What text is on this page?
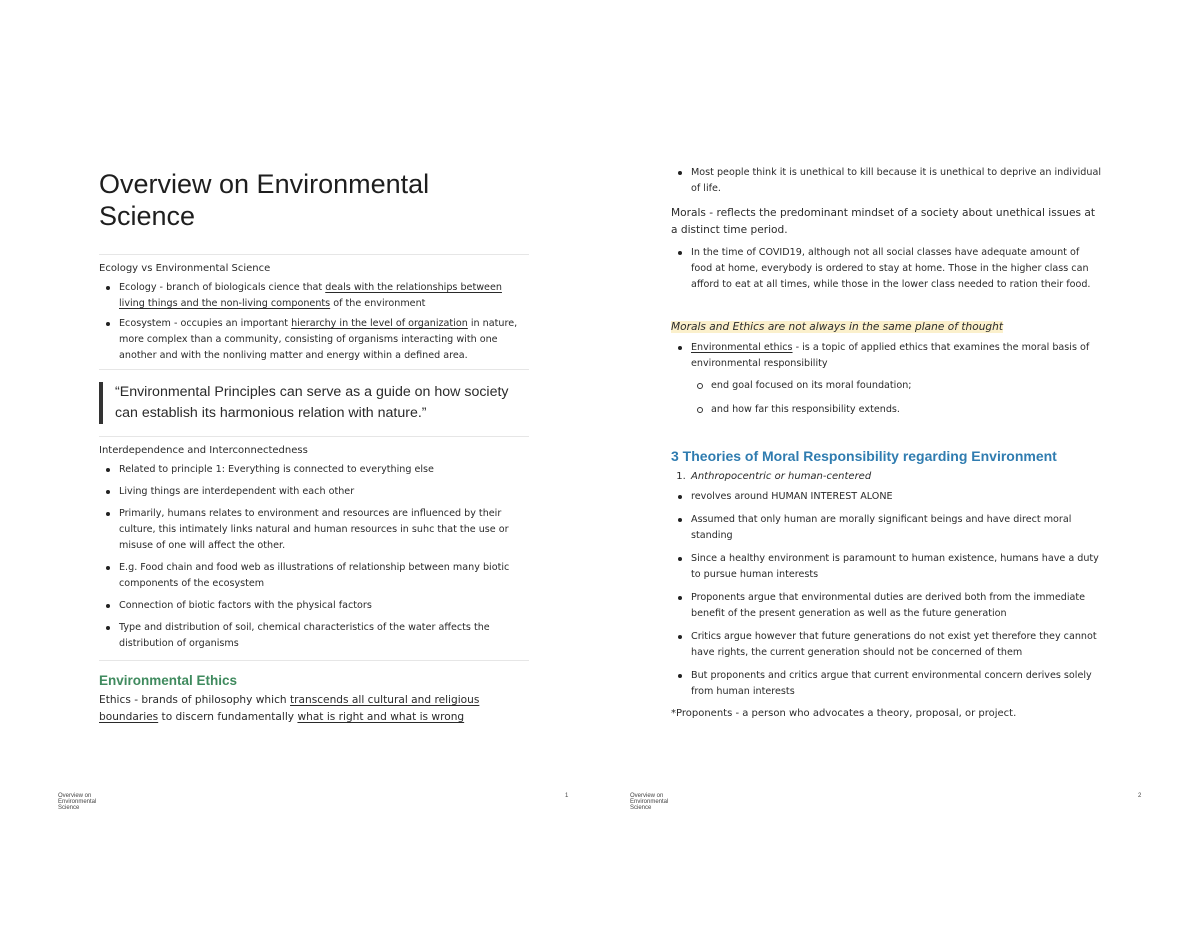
Overview on Environmental Science
Ecology vs Environmental Science
Ecology - branch of biologicals cience that deals with the relationships between living things and the non-living components of the environment
Ecosystem - occupies an important hierarchy in the level of organization in nature, more complex than a community, consisting of organisms interacting with one another and with the nonliving matter and energy within a defined area.
“Environmental Principles can serve as a guide on how society can establish its harmonious relation with nature.”
Interdependence and Interconnectedness
Related to principle 1: Everything is connected to everything else
Living things are interdependent with each other
Primarily, humans relates to environment and resources are influenced by their culture, this intimately links natural and human resources in suhc that the use or misuse of one will affect the other.
E.g. Food chain and food web as illustrations of relationship between many biotic components of the ecosystem
Connection of biotic factors with the physical factors
Type and distribution of soil, chemical characteristics of the water affects the distribution of organisms
Environmental Ethics
Ethics - brands of philosophy which transcends all cultural and religious boundaries to discern fundamentally what is right and what is wrong
Overview on Environmental Science
1
Most people think it is unethical to kill because it is unethical to deprive an individual of life.
Morals - reflects the predominant mindset of a society about unethical issues at a distinct time period.
In the time of COVID19, although not all social classes have adequate amount of food at home, everybody is ordered to stay at home. Those in the higher class can afford to eat at all times, while those in the lower class needed to ration their food.
Morals and Ethics are not always in the same plane of thought
Environmental ethics - is a topic of applied ethics that examines the moral basis of environmental responsibility
end goal focused on its moral foundation;
and how far this responsibility extends.
3 Theories of Moral Responsibility regarding Environment
1. Anthropocentric or human-centered
revolves around HUMAN INTEREST ALONE
Assumed that only human are morally significant beings and have direct moral standing
Since a healthy environment is paramount to human existence, humans have a duty to pursue human interests
Proponents argue that environmental duties are derived both from the immediate benefit of the present generation as well as the future generation
Critics argue however that future generations do not exist yet therefore they cannot have rights, the current generation should not be concerned of them
But proponents and critics argue that current environmental concern derives solely from human interests
*Proponents - a person who advocates a theory, proposal, or project.
Overview on Environmental Science
2
